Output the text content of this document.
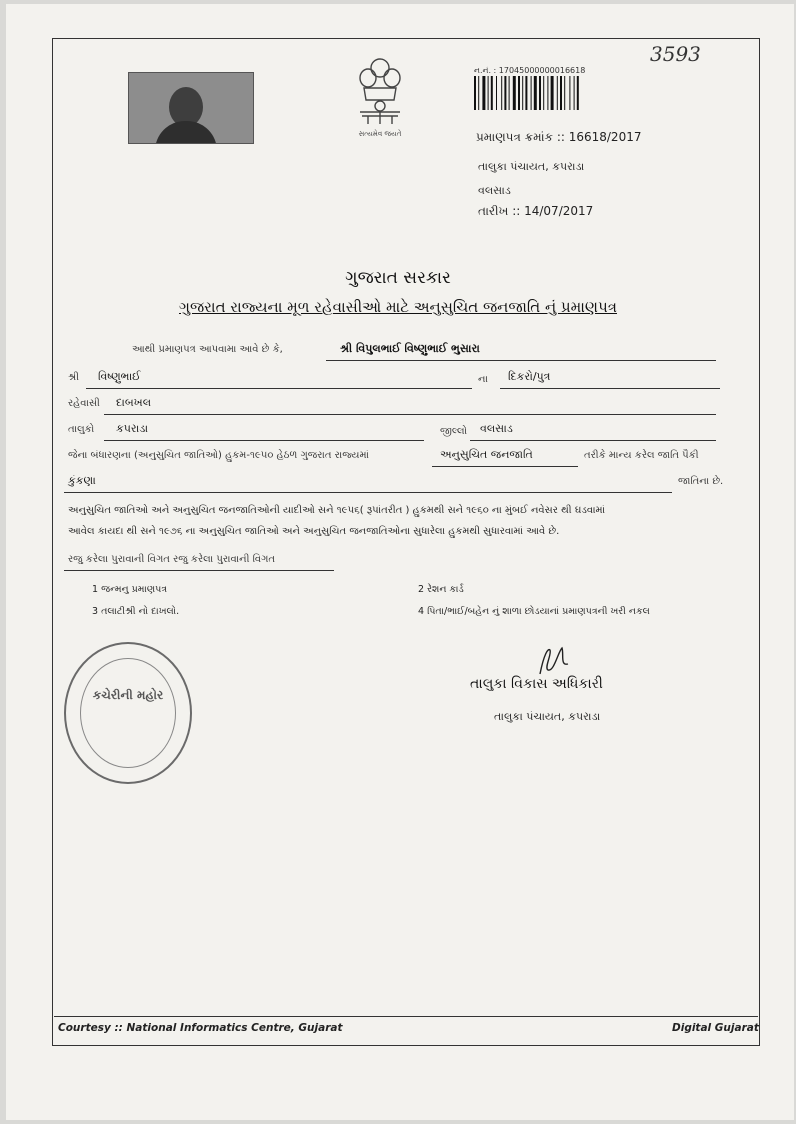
3593
સત્યમેવ જયતે
ન.નં. : 17045000000016618
પ્રમાણપત્ર ક્રમાંક :: 16618/2017
તાલુકા પંચાયત, કપરાડા
વલસાડ
તારીખ :: 14/07/2017
ગુજરાત સરકાર
ગુજરાત રાજ્યના મૂળ રહેવાસીઓ માટે અનુસુચિત જનજાતિ નું પ્રમાણપત્ર
આથી પ્રમાણપત્ર આપવામા આવે છે કે,	શ્રી વિપુલભાઈ વિષ્ણુભાઈ ભુસારા
શ્રી વિષ્ણુભાઈ	ના દિકરો/પુત્ર
રહેવાસી દાબખલ
તાલુકો કપરાડા	જીલ્લો વલસાડ
જેના બંધારણના (અનુસુચિત જાતિઓ) હુકમ-૧૯૫૦ હેઠળ ગુજરાત રાજ્યમાં	અનુસુચિત જનજાતિ	તરીકે માન્ય કરેલ જાતિ પૈકી
કુંકણા	જાતિના છે.
અનુસુચિત જાતિઓ અને અનુસુચિત જનજાતિઓની યાદીઓ સને ૧૯૫૬( રૂપાંતરીત ) હુકમથી સને ૧૯૬૦ ના મુંબઈ નવેસર થી ઘડવામાં
આવેલ કાયદા થી સને ૧૯૭૬ ના અનુસુચિત જાતિઓ અને અનુસુચિત જનજાતિઓના સુધારેલા હુકમથી સુધારવામાં આવે છે.
રજુ કરેલા પુરાવાની વિગત રજુ કરેલા પુરાવાની વિગત
1 જન્મનુ પ્રમાણપત્ર	2 રેશન કાર્ડ
3 તલાટીશ્રી નો દાખલો.	4 પિતા/ભાઈ/બહેન નું શાળા છોડયાનાં પ્રમાણપત્રની ખરી નકલ
કચેરીની મહોર
તાલુકા વિકાસ અધિકારી
તાલુકા પંચાયત, કપરાડા
Courtesy :: National Informatics Centre, Gujarat	Digital Gujarat
